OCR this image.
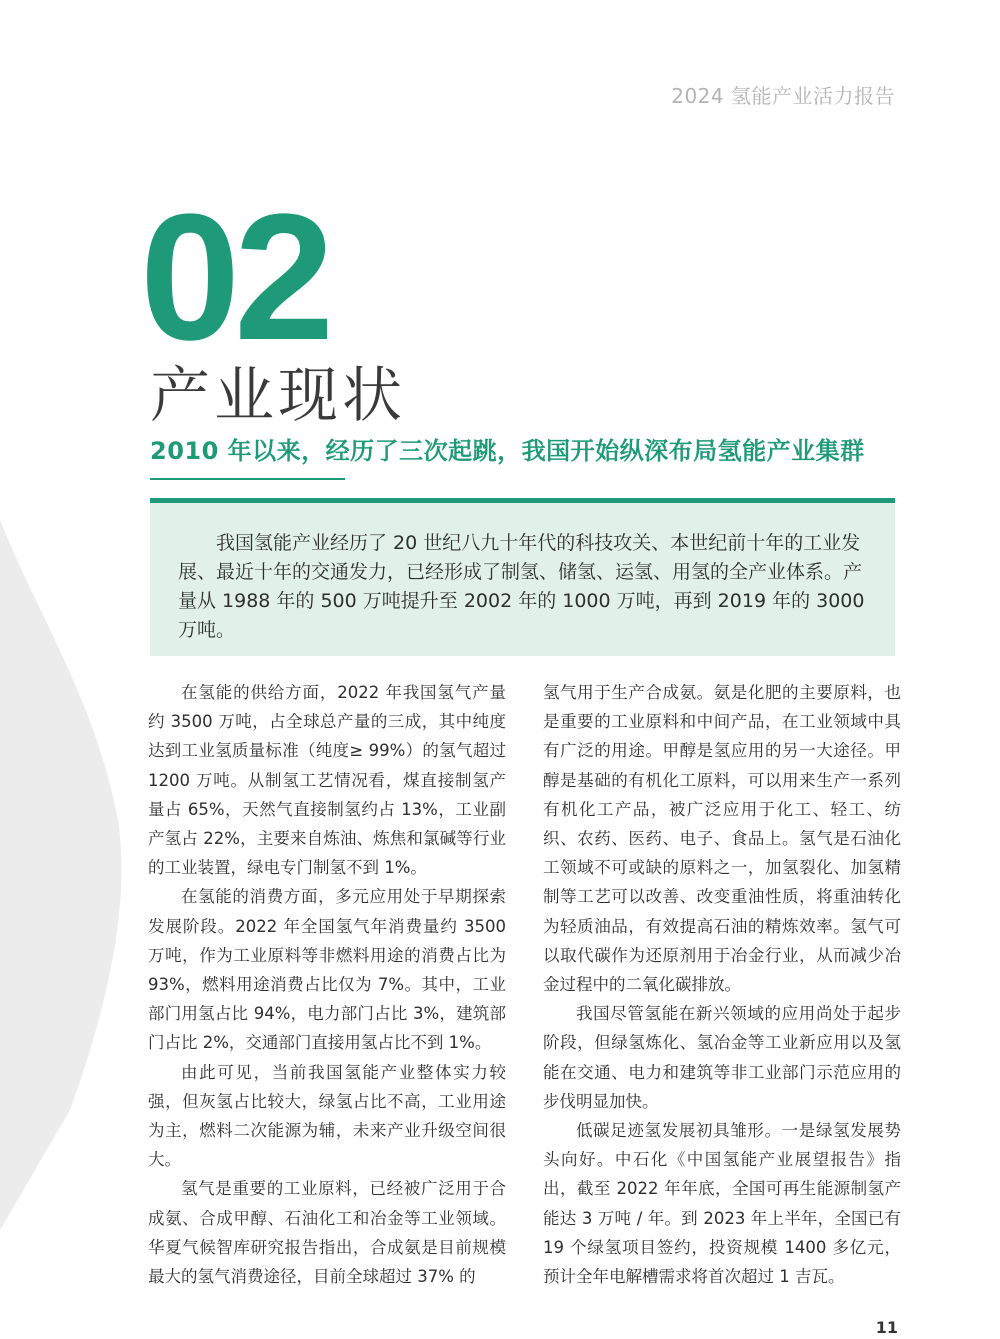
2024 氢能产业活力报告
02
产业现状
2010 年以来，经历了三次起跳，我国开始纵深布局氢能产业集群

我国氢能产业经历了 20 世纪八九十年代的科技攻关、本世纪前十年的工业发展、最近十年的交通发力，已经形成了制氢、储氢、运氢、用氢的全产业体系。产量从 1988 年的 500 万吨提升至 2002 年的 1000 万吨，再到 2019 年的 3000 万吨。

在氢能的供给方面，2022 年我国氢气产量约 3500 万吨，占全球总产量的三成，其中纯度达到工业氢质量标准（纯度≥ 99%）的氢气超过 1200 万吨。从制氢工艺情况看，煤直接制氢产量占 65%，天然气直接制氢约占 13%，工业副产氢占 22%，主要来自炼油、炼焦和氯碱等行业的工业装置，绿电专门制氢不到 1%。

在氢能的消费方面，多元应用处于早期探索发展阶段。2022 年全国氢气年消费量约 3500 万吨，作为工业原料等非燃料用途的消费占比为 93%，燃料用途消费占比仅为 7%。其中，工业部门用氢占比 94%，电力部门占比 3%，建筑部门占比 2%，交通部门直接用氢占比不到 1%。

由此可见，当前我国氢能产业整体实力较强，但灰氢占比较大，绿氢占比不高，工业用途为主，燃料二次能源为辅，未来产业升级空间很大。

氢气是重要的工业原料，已经被广泛用于合成氨、合成甲醇、石油化工和冶金等工业领域。华夏气候智库研究报告指出，合成氨是目前规模最大的氢气消费途径，目前全球超过 37% 的

氢气用于生产合成氨。氨是化肥的主要原料，也是重要的工业原料和中间产品，在工业领域中具有广泛的用途。甲醇是氢应用的另一大途径。甲醇是基础的有机化工原料，可以用来生产一系列有机化工产品，被广泛应用于化工、轻工、纺织、农药、医药、电子、食品上。氢气是石油化工领域不可或缺的原料之一，加氢裂化、加氢精制等工艺可以改善、改变重油性质，将重油转化为轻质油品，有效提高石油的精炼效率。氢气可以取代碳作为还原剂用于冶金行业，从而减少冶金过程中的二氧化碳排放。

我国尽管氢能在新兴领域的应用尚处于起步阶段，但绿氢炼化、氢冶金等工业新应用以及氢能在交通、电力和建筑等非工业部门示范应用的步伐明显加快。

低碳足迹氢发展初具雏形。一是绿氢发展势头向好。中石化《中国氢能产业展望报告》指出，截至 2022 年年底，全国可再生能源制氢产能达 3 万吨 / 年。到 2023 年上半年，全国已有 19 个绿氢项目签约，投资规模 1400 多亿元，预计全年电解槽需求将首次超过 1 吉瓦。

11
